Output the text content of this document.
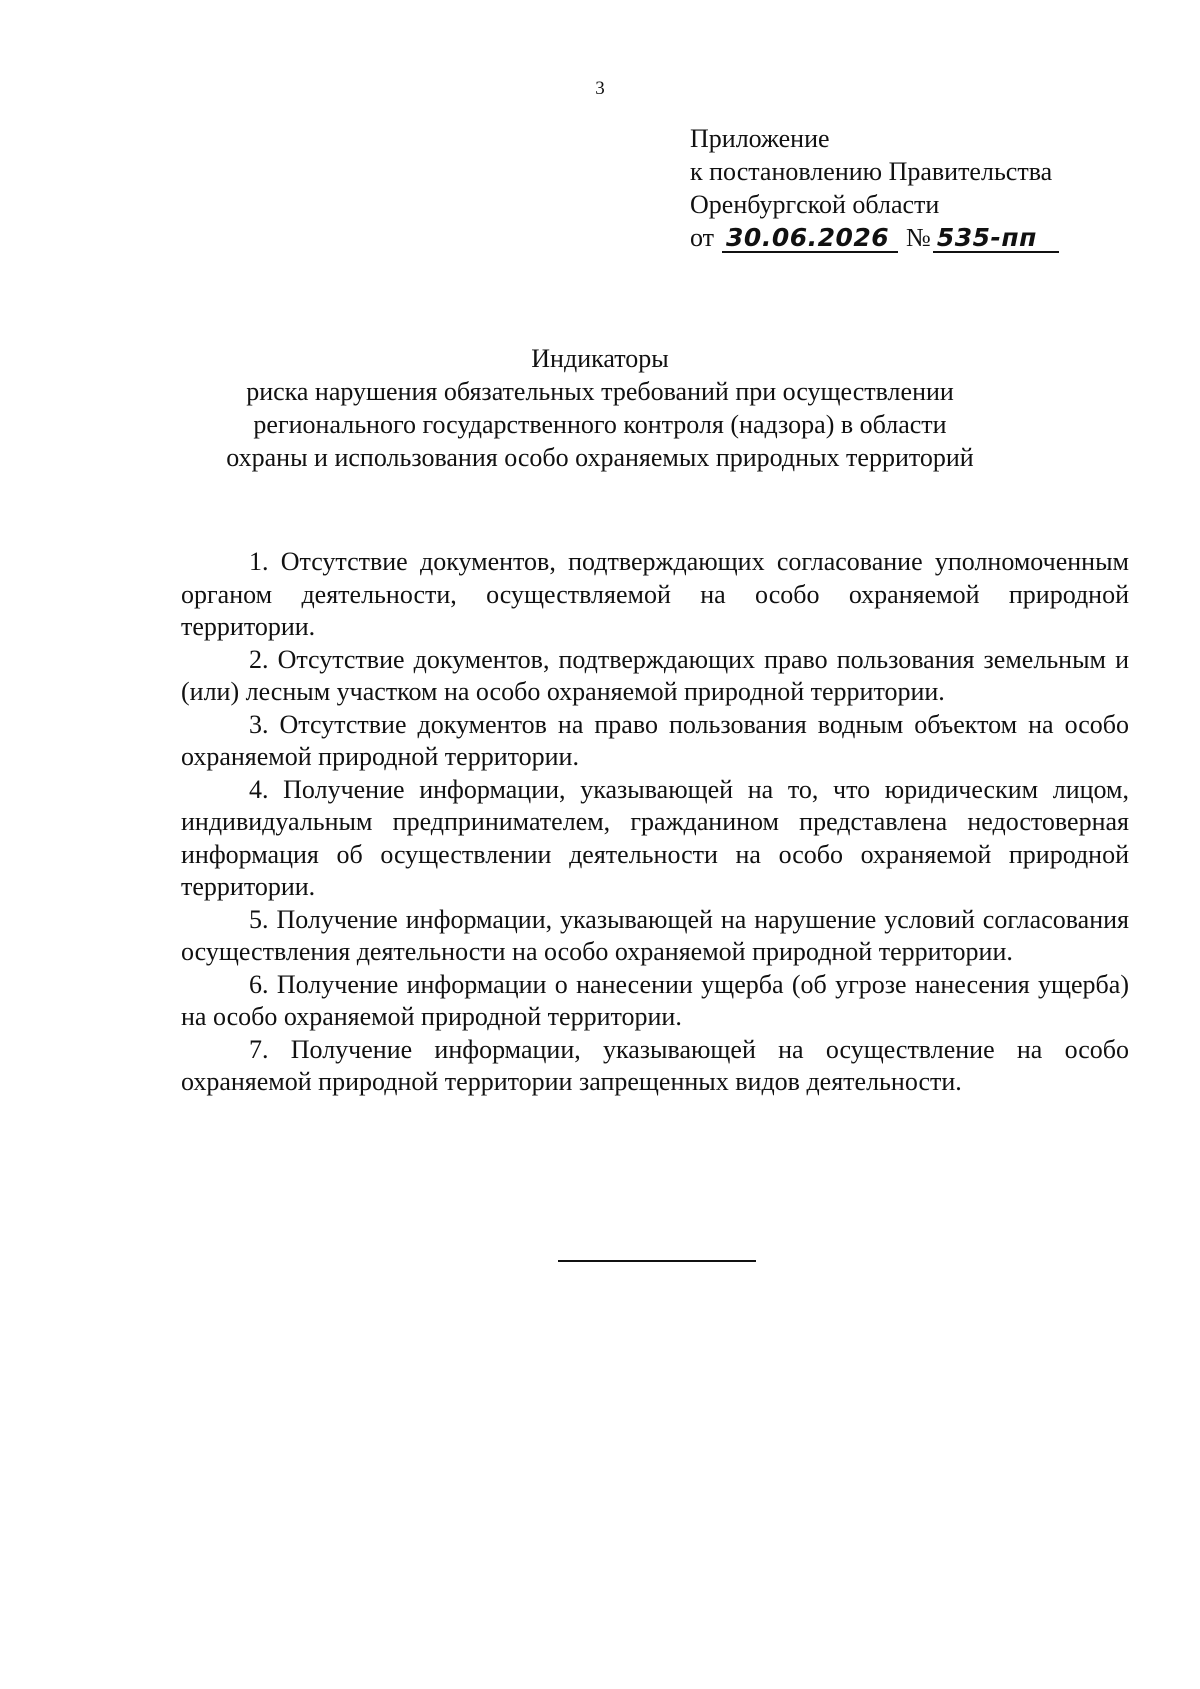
3
Приложение
к постановлению Правительства
Оренбургской области
от 30.06.2026 № 535-пп
Индикаторы
риска нарушения обязательных требований при осуществлении
регионального государственного контроля (надзора) в области
охраны и использования особо охраняемых природных территорий

1. Отсутствие документов, подтверждающих согласование уполномоченным органом деятельности, осуществляемой на особо охраняемой природной территории.

2. Отсутствие документов, подтверждающих право пользования земельным и (или) лесным участком на особо охраняемой природной территории.

3. Отсутствие документов на право пользования водным объектом на особо охраняемой природной территории.

4. Получение информации, указывающей на то, что юридическим лицом, индивидуальным предпринимателем, гражданином представлена недостоверная информация об осуществлении деятельности на особо охраняемой природной территории.

5. Получение информации, указывающей на нарушение условий согласования осуществления деятельности на особо охраняемой природной территории.

6. Получение информации о нанесении ущерба (об угрозе нанесения ущерба) на особо охраняемой природной территории.

7. Получение информации, указывающей на осуществление на особо охраняемой природной территории запрещенных видов деятельности.
